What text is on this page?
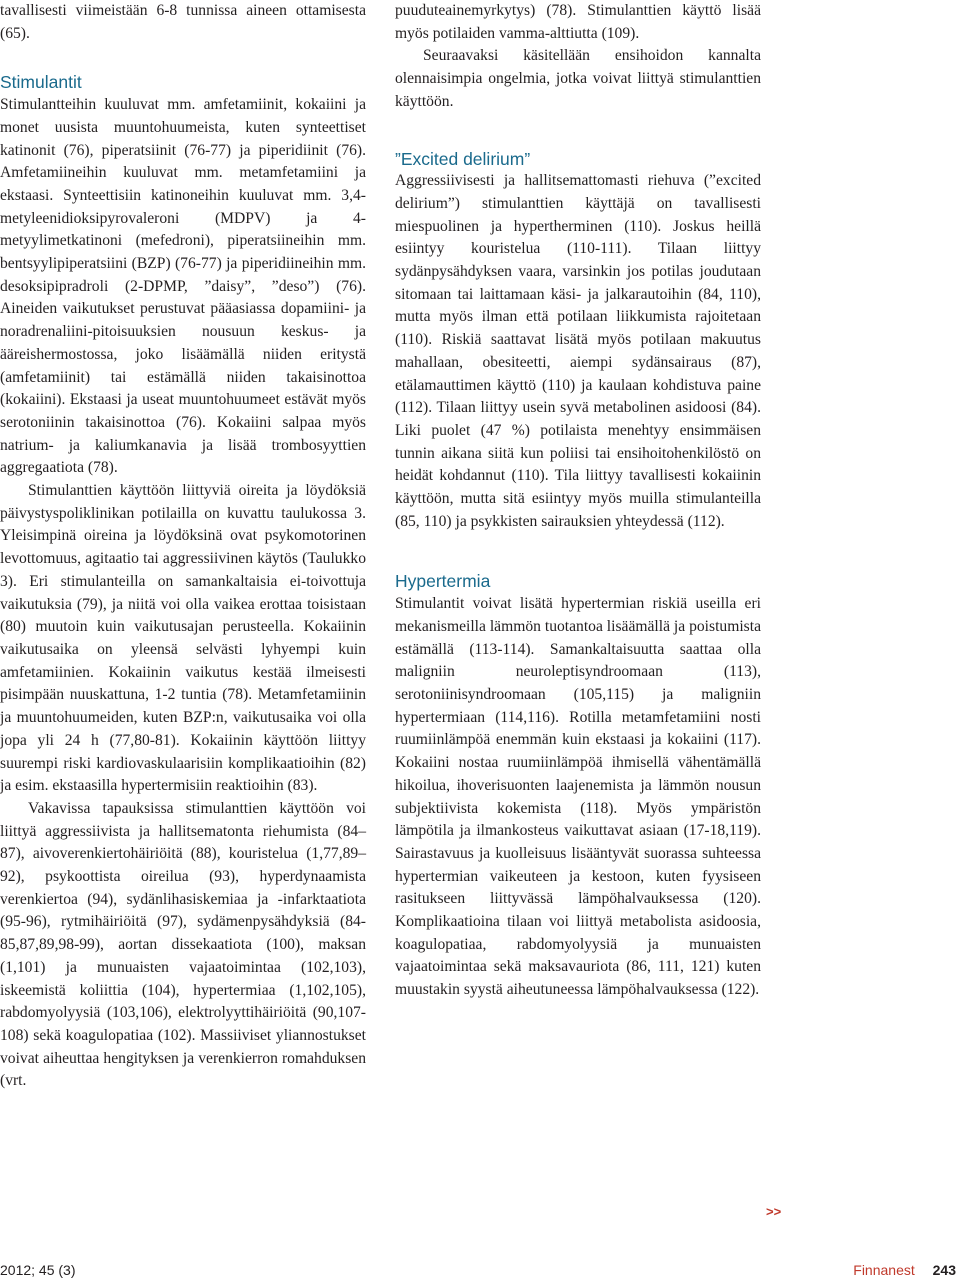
tavallisesti viimeistään 6-8 tunnissa aineen ottamisesta (65).

Stimulantit

Stimulantteihin kuuluvat mm. amfetamiinit, kokaiini ja monet uusista muuntohuumeista, kuten synteettiset katinonit (76), piperatsiinit (76-77) ja piperidiinit (76). Amfetamiineihin kuuluvat mm. metamfetamiini ja ekstaasi. Synteettisiin katinoneihin kuuluvat mm. 3,4-metyleenidioksipyrovaleroni (MDPV) ja 4-metyylimetkatinoni (mefedroni), piperatsiineihin mm. bentsyylipiperatsiini (BZP) (76-77) ja piperidiineihin mm. desoksipipradroli (2-DPMP, ”daisy”, ”deso”) (76). Aineiden vaikutukset perustuvat pääasiassa dopamiini- ja noradrenaliini-pitoisuuksien nousuun keskus- ja ääreishermostossa, joko lisäämällä niiden eritystä (amfetamiinit) tai estämällä niiden takaisinottoa (kokaiini). Ekstaasi ja useat muuntohuumeet estävät myös serotoniinin takaisinottoa (76). Kokaiini salpaa myös natrium- ja kaliumkanavia ja lisää trombosyyttien aggregaatiota (78).

Stimulanttien käyttöön liittyviä oireita ja löydöksiä päivystyspoliklinikan potilailla on kuvattu taulukossa 3. Yleisimpinä oireina ja löydöksinä ovat psykomotorinen levottomuus, agitaatio tai aggressiivinen käytös (Taulukko 3). Eri stimulanteilla on samankaltaisia ei-toivottuja vaikutuksia (79), ja niitä voi olla vaikea erottaa toisistaan (80) muutoin kuin vaikutusajan perusteella. Kokaiinin vaikutusaika on yleensä selvästi lyhyempi kuin amfetamiinien. Kokaiinin vaikutus kestää ilmeisesti pisimpään nuuskattuna, 1-2 tuntia (78). Metamfetamiinin ja muuntohuumeiden, kuten BZP:n, vaikutusaika voi olla jopa yli 24 h (77,80-81). Kokaiinin käyttöön liittyy suurempi riski kardiovaskulaarisiin komplikaatioihin (82) ja esim. ekstaasilla hypertermisiin reaktioihin (83).

Vakavissa tapauksissa stimulanttien käyttöön voi liittyä aggressiivista ja hallitsematonta riehumista (84–87), aivoverenkiertohäiriöitä (88), kouristelua (1,77,89–92), psykoottista oireilua (93), hyperdynaamista verenkiertoa (94), sydänlihasiskemiaa ja -infarktaatiota (95-96), rytmihäiriöitä (97), sydämenpysähdyksiä (84-85,87,89,98-99), aortan dissekaatiota (100), maksan (1,101) ja munuaisten vajaatoimintaa (102,103), iskeemistä koliittia (104), hypertermiaa (1,102,105), rabdomyolyysiä (103,106), elektrolyyttihäiriöitä (90,107-108) sekä koagulopatiaa (102). Massiiviset yliannostukset voivat aiheuttaa hengityksen ja verenkierron romahduksen (vrt.

puuduteainemyrkytys) (78). Stimulanttien käyttö lisää myös potilaiden vamma-alttiutta (109).

Seuraavaksi käsitellään ensihoidon kannalta olennaisimpia ongelmia, jotka voivat liittyä stimulanttien käyttöön.

”Excited delirium”

Aggressiivisesti ja hallitsemattomasti riehuva (”excited delirium”) stimulanttien käyttäjä on tavallisesti miespuolinen ja hypertherminen (110). Joskus heillä esiintyy kouristelua (110-111). Tilaan liittyy sydänpysähdyksen vaara, varsinkin jos potilas joudutaan sitomaan tai laittamaan käsi- ja jalkarautoihin (84, 110), mutta myös ilman että potilaan liikkumista rajoitetaan (110). Riskiä saattavat lisätä myös potilaan makuutus mahallaan, obesiteetti, aiempi sydänsairaus (87), etälamauttimen käyttö (110) ja kaulaan kohdistuva paine (112). Tilaan liittyy usein syvä metabolinen asidoosi (84). Liki puolet (47 %) potilaista menehtyy ensimmäisen tunnin aikana siitä kun poliisi tai ensihoitohenkilöstö on heidät kohdannut (110). Tila liittyy tavallisesti kokaiinin käyttöön, mutta sitä esiintyy myös muilla stimulanteilla (85, 110) ja psykkisten sairauksien yhteydessä (112).

Hypertermia

Stimulantit voivat lisätä hypertermian riskiä useilla eri mekanismeilla lämmön tuotantoa lisäämällä ja poistumista estämällä (113-114). Samankaltaisuutta saattaa olla maligniin neuroleptisyndroomaan (113), serotoniinisyndroomaan (105,115) ja maligniin hypertermiaan (114,116). Rotilla metamfetamiini nosti ruumiinlämpöä enemmän kuin ekstaasi ja kokaiini (117). Kokaiini nostaa ruumiinlämpöä ihmisellä vähentämällä hikoilua, ihoverisuonten laajenemista ja lämmön nousun subjektiivista kokemista (118). Myös ympäristön lämpötila ja ilmankosteus vaikuttavat asiaan (17-18,119). Sairastavuus ja kuolleisuus lisääntyvät suorassa suhteessa hypertermian vaikeuteen ja kestoon, kuten fyysiseen rasitukseen liittyvässä lämpöhalvauksessa (120). Komplikaatioina tilaan voi liittyä metabolista asidoosia, koagulopatiaa, rabdomyolyysiä ja munuaisten vajaatoimintaa sekä maksavauriota (86, 111, 121) kuten muustakin syystä aiheutuneessa lämpöhalvauksessa (122).

>>
2012; 45 (3)	Finnanest 243
